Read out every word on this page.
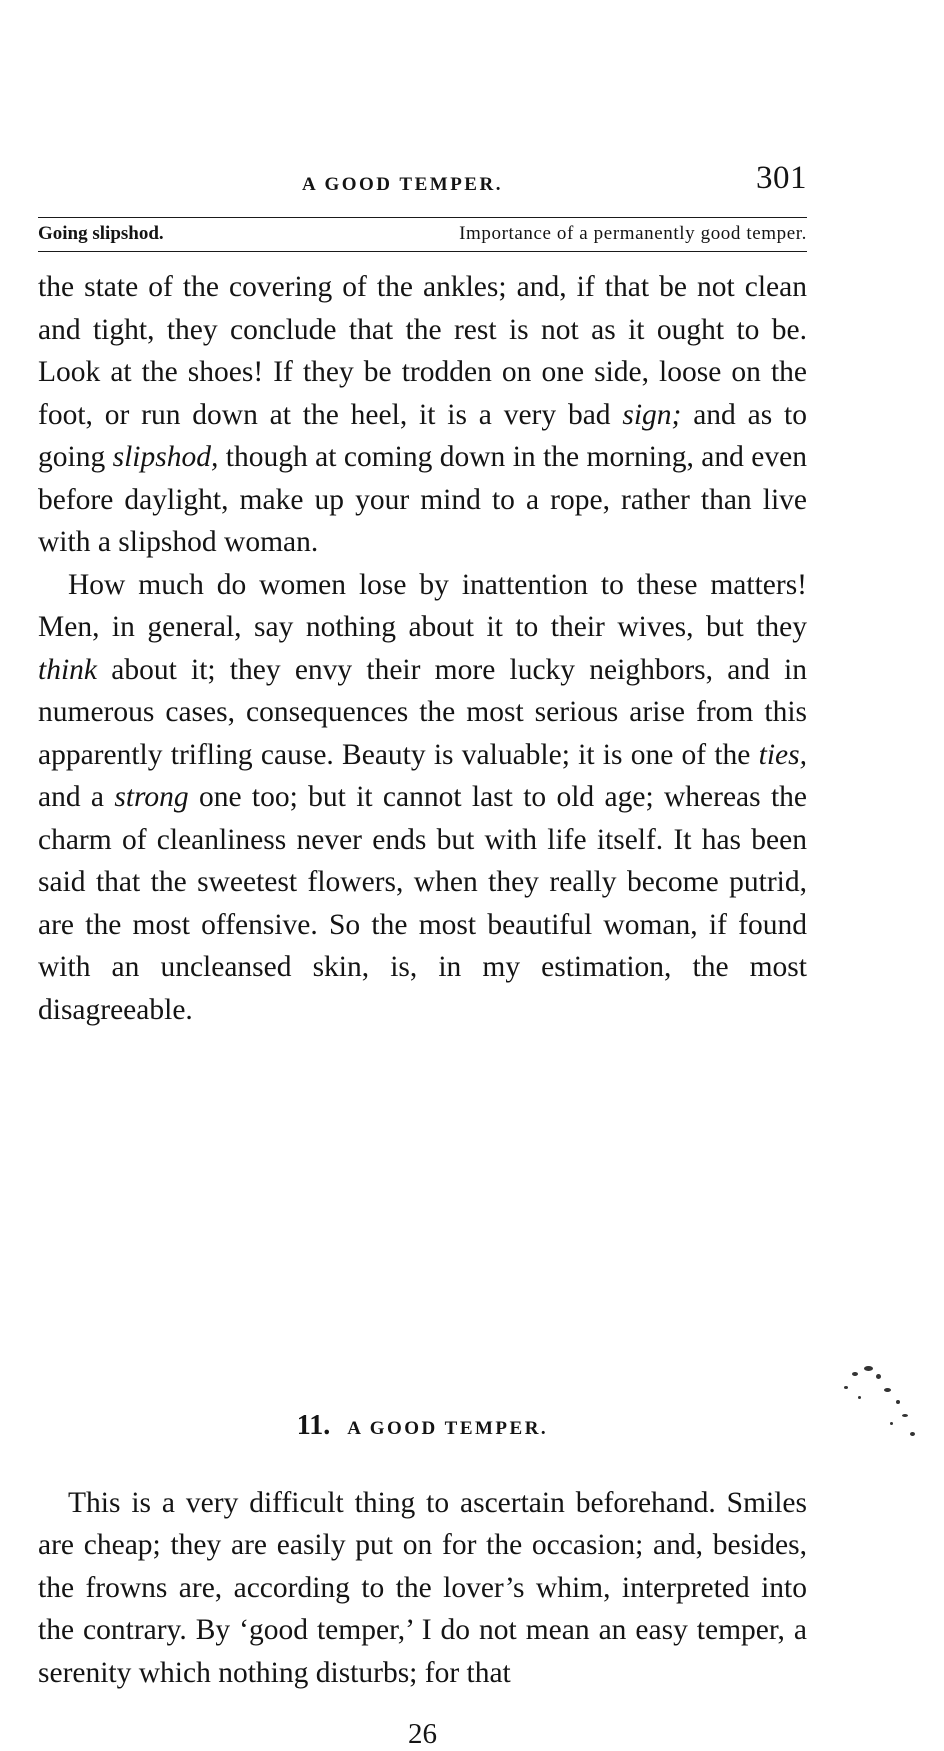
A GOOD TEMPER.	301
Going slipshod.	Importance of a permanently good temper.

the state of the covering of the ankles; and, if that be not clean and tight, they conclude that the rest is not as it ought to be. Look at the shoes! If they be trodden on one side, loose on the foot, or run down at the heel, it is a very bad sign; and as to going slipshod, though at coming down in the morning, and even before daylight, make up your mind to a rope, rather than live with a slipshod woman.

How much do women lose by inattention to these matters! Men, in general, say nothing about it to their wives, but they think about it; they envy their more lucky neighbors, and in numerous cases, consequences the most serious arise from this apparently trifling cause. Beauty is valuable; it is one of the ties, and a strong one too; but it cannot last to old age; whereas the charm of cleanliness never ends but with life itself. It has been said that the sweetest flowers, when they really become putrid, are the most offensive. So the most beautiful woman, if found with an uncleansed skin, is, in my estimation, the most disagreeable.

11. A GOOD TEMPER.

This is a very difficult thing to ascertain beforehand. Smiles are cheap; they are easily put on for the occasion; and, besides, the frowns are, according to the lover’s whim, interpreted into the contrary. By ‘good temper,’ I do not mean an easy temper, a serenity which nothing disturbs; for that

26
